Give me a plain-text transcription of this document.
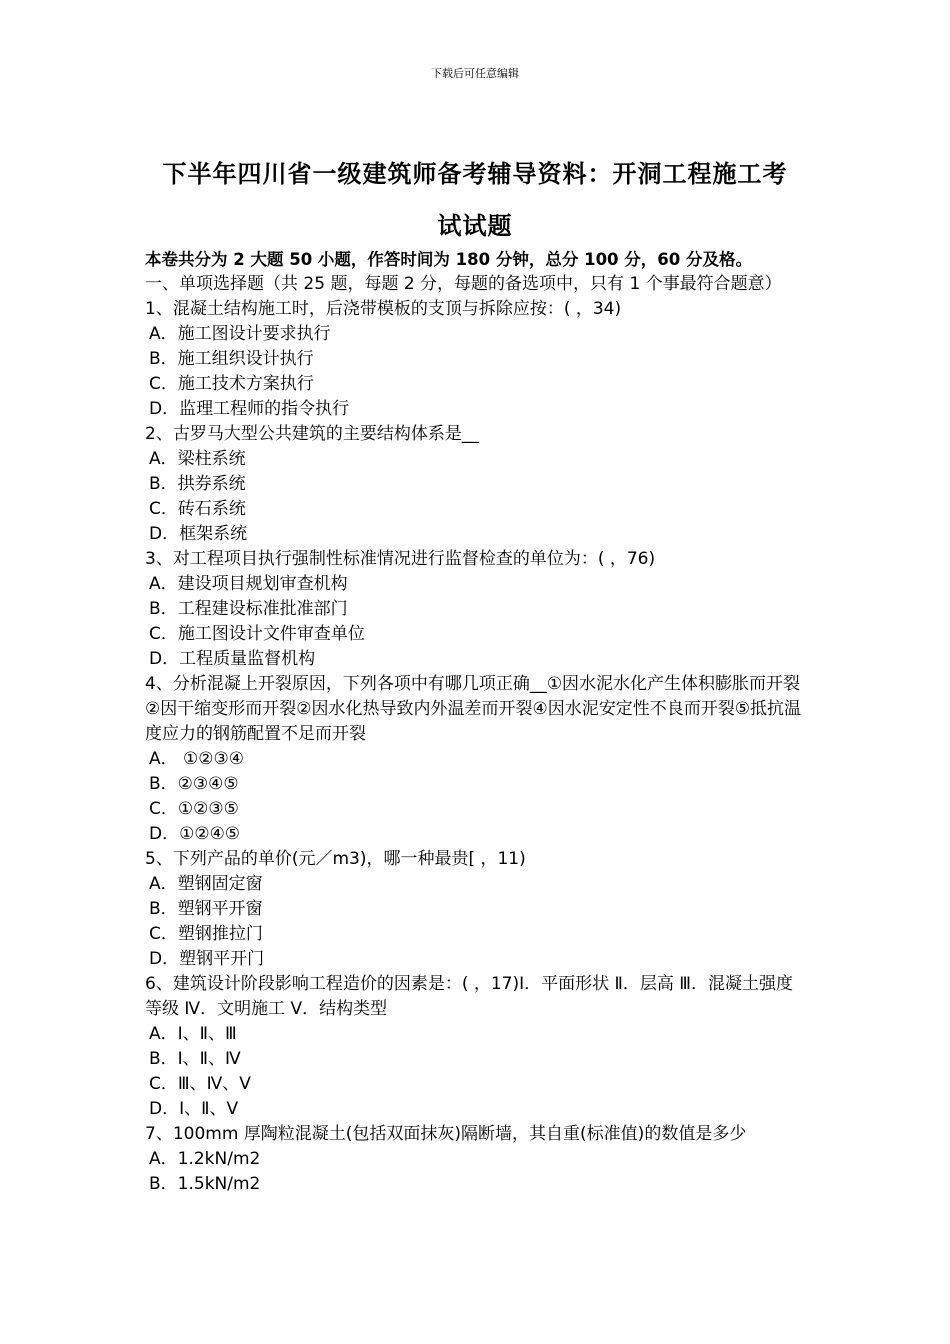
下载后可任意编辑
下半年四川省一级建筑师备考辅导资料：开洞工程施工考
试试题
本卷共分为 2 大题 50 小题，作答时间为 180 分钟，总分 100 分，60 分及格。
一、单项选择题（共 25 题，每题 2 分，每题的备选项中，只有 1 个事最符合题意）
1、混凝土结构施工时，后浇带模板的支顶与拆除应按：( ，34)
A．施工图设计要求执行
B．施工组织设计执行
C．施工技术方案执行
D．监理工程师的指令执行
2、古罗马大型公共建筑的主要结构体系是__
A．梁柱系统
B．拱券系统
C．砖石系统
D．框架系统
3、对工程项目执行强制性标准情况进行监督检查的单位为：( ，76)
A．建设项目规划审查机构
B．工程建设标准批准部门
C．施工图设计文件审查单位
D．工程质量监督机构
4、分析混凝上开裂原因，下列各项中有哪几项正确__①因水泥水化产生体积膨胀而开裂②因干缩变形而开裂②因水化热导致内外温差而开裂④因水泥安定性不良而开裂⑤抵抗温度应力的钢筋配置不足而开裂
A． ①②③④
B．②③④⑤
C．①②③⑤
D．①②④⑤
5、下列产品的单价(元／m3)，哪一种最贵[ ，11)
A．塑钢固定窗
B．塑钢平开窗
C．塑钢推拉门
D．塑钢平开门
6、建筑设计阶段影响工程造价的因素是：( ，17)Ⅰ．平面形状 Ⅱ．层高 Ⅲ．混凝土强度等级 Ⅳ．文明施工 Ⅴ．结构类型
A．Ⅰ、Ⅱ、Ⅲ
B．Ⅰ、Ⅱ、Ⅳ
C．Ⅲ、Ⅳ、Ⅴ
D．Ⅰ、Ⅱ、Ⅴ
7、100mm 厚陶粒混凝土(包括双面抹灰)隔断墙，其自重(标准值)的数值是多少
A．1.2kN/m2
B．1.5kN/m2
